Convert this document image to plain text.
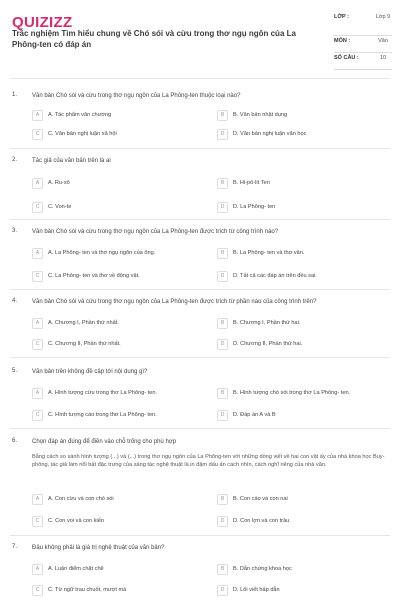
QUIZIZZ
Trắc nghiệm Tìm hiểu chung về Chó sói và cừu trong thơ ngụ ngôn của La Phông-ten có đáp án
LỚP :	Lớp 9
MÔN :	Văn
SỐ CÂU :	10
1. Văn bản Chó sói và cừu trong thơ ngụ ngôn của La Phông-ten thuộc loại nào?
A	A. Tác phẩm văn chương	B	B. Văn bản nhật dụng
C	C. Văn bản nghị luận xã hội	D	D. Văn bản nghị luận văn học
2. Tác giả của văn bản trên là ai
A	A. Ru-xô	B	B. Hi-pô-lít Ten
C	C. Von-te	D	D. La Phông- ten
3. Văn bản Chó sói và cừu trong thơ ngụ ngôn của La Phông-ten được trích từ công trình nào?
A	A. La Phông- ten và thơ ngụ ngôn của ông.	B	B. La Phông- ten và thơ văn.
C	C. La Phông- ten và thơ về động vật.	D	D. Tất cả các đáp án trên đều sai.
4. Văn bản Chó sói và cừu trong thơ ngụ ngôn của La Phông-ten được trích từ phần nào của công trình trên?
A	A. Chương I, Phần thứ nhất.	B	B. Chương I, Phần thứ hai.
C	C. Chương II, Phần thứ nhất.	D	D. Chương II, Phần thứ hai.
5. Văn bản trên không đề cập tới nội dung gì?
A	A. Hình tượng cừu trong thơ La Phông- ten.	B	B. Hình tượng chó sói trong thơ La Phông- ten.
C	C. Hình tượng cáo trong thơ La Phông- ten.	D	D. Đáp án A và B
6. Chọn đáp án đúng để điền vào chỗ trống cho phù hợp
Bằng cách so sánh hình tượng (...) và (...) trong thơ ngụ ngôn của La Phông-ten với những dòng viết về hai con vật ấy của nhà khoa học Buy- phông, tác giả làm nổi bật đặc trưng của sáng tác nghệ thuật là in đậm dấu ấn cách nhìn, cách nghĩ riêng của nhà văn.
A	A. Con cừu và con chó sói	B	B. Con cáo và con nai
C	C. Con voi và con kiến	D	D. Con lợn và con trâu
7. Đâu không phải là giá trị nghệ thuật của văn bản?
A	A. Luận điểm chặt chẽ	B	B. Dẫn chứng khoa học
C	C. Từ ngữ trau chuốt, mượt mà	D	D. Lối viết hấp dẫn
